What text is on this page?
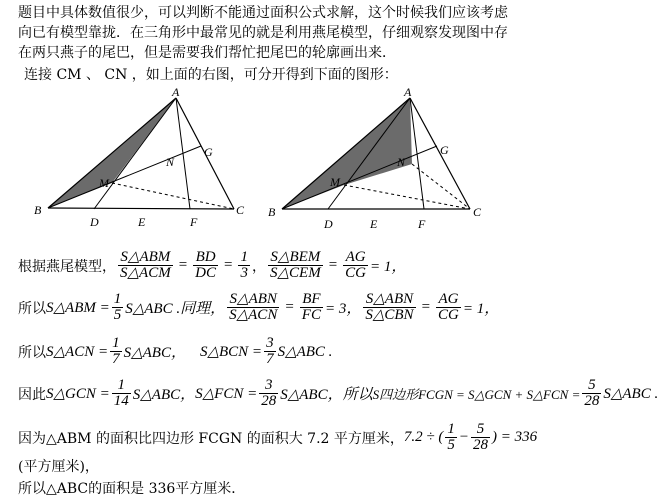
题目中具体数值很少，可以判断不能通过面积公式求解，这个时候我们应该考虑
向已有模型靠拢．在三角形中最常见的就是利用燕尾模型，仔细观察发现图中存
在两只燕子的尾巴，但是需要我们帮忙把尾巴的轮廓画出来．
连接 CM 、 CN ，如上面的右图，可分开得到下面的图形：
A
B	C
D	E	F
G
M
N
A
B	C
D	E	F
G
M
N
根据燕尾模型， $\frac{\text{S△ABM}}{\text{S△ACM}} = \frac{BD}{DC} = \frac{1}{3}$ ， $\frac{\text{S△BEM}}{\text{S△CEM}} = \frac{AG}{CG} = 1$，
所以 S△ABM = $\frac{1}{5}$ S△ABC .同理， $\frac{\text{S△ABN}}{\text{S△ACN}} = \frac{BF}{FC} = 3$， $\frac{\text{S△ABN}}{\text{S△CBN}} = \frac{AG}{CG} = 1$，
所以 S△ACN = $\frac{1}{7}$ S△ABC， S△BCN = $\frac{3}{7}$ S△ABC .
因此 S△GCN = $\frac{1}{14}$ S△ABC， S△FCN = $\frac{3}{28}$ S△ABC，所以 S四边形FCGN = S△GCN + S△FCN = $\frac{5}{28}$ S△ABC .
因为△ABM 的面积比四边形 FCGN 的面积大 7.2 平方厘米， 7.2 ÷ ( $\frac{1}{5} - \frac{5}{28}$ ) = 336
(平方厘米)，
所以△ABC的面积是 336平方厘米．
